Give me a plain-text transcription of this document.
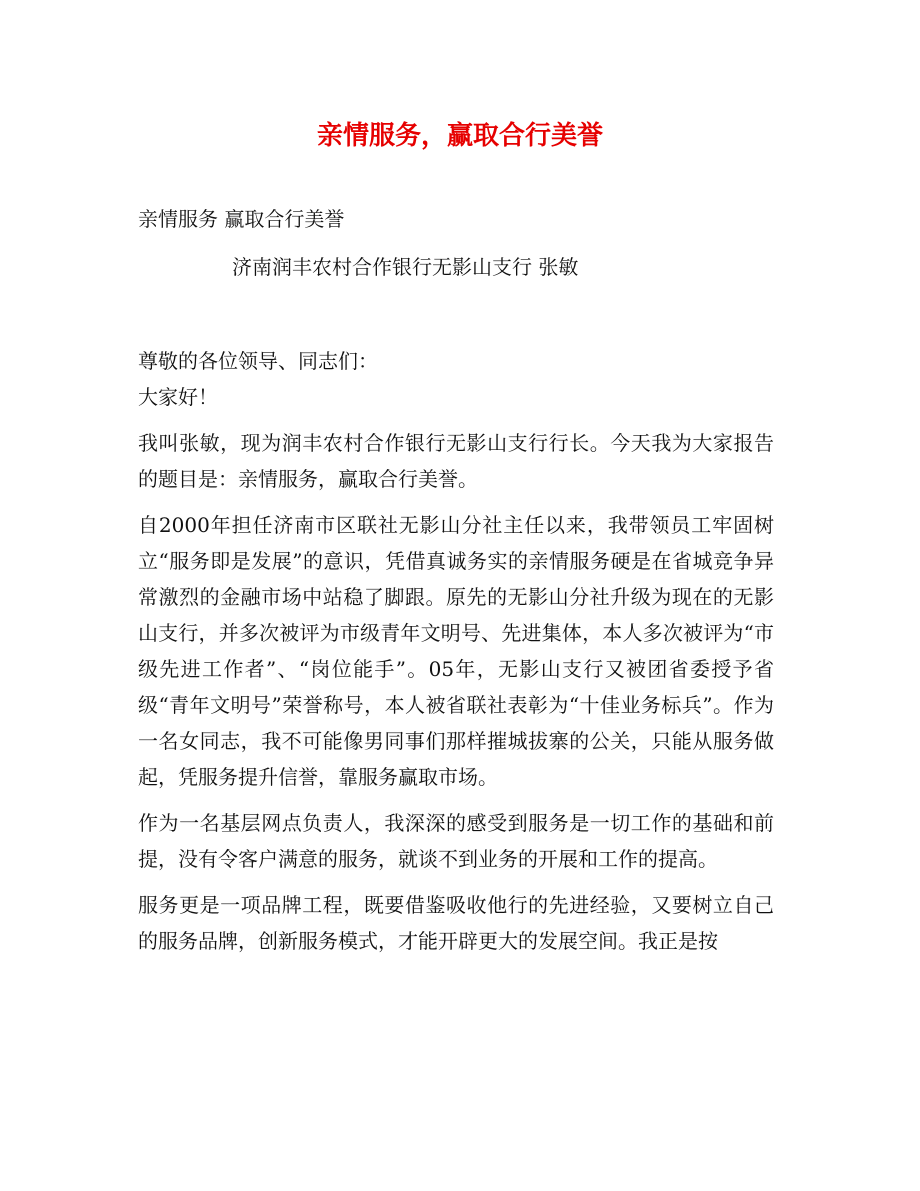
亲情服务，赢取合行美誉

亲情服务 赢取合行美誉

济南润丰农村合作银行无影山支行 张敏

尊敬的各位领导、同志们：

大家好！

我叫张敏，现为润丰农村合作银行无影山支行行长。今天我为大家报告的题目是：亲情服务，赢取合行美誉。

自2000年担任济南市区联社无影山分社主任以来，我带领员工牢固树立“服务即是发展”的意识，凭借真诚务实的亲情服务硬是在省城竞争异常激烈的金融市场中站稳了脚跟。原先的无影山分社升级为现在的无影山支行，并多次被评为市级青年文明号、先进集体，本人多次被评为“市级先进工作者”、“岗位能手”。05年，无影山支行又被团省委授予省级“青年文明号”荣誉称号，本人被省联社表彰为“十佳业务标兵”。作为一名女同志，我不可能像男同事们那样摧城拔寨的公关，只能从服务做起，凭服务提升信誉，靠服务赢取市场。

作为一名基层网点负责人，我深深的感受到服务是一切工作的基础和前提，没有令客户满意的服务，就谈不到业务的开展和工作的提高。

服务更是一项品牌工程，既要借鉴吸收他行的先进经验，又要树立自己的服务品牌，创新服务模式，才能开辟更大的发展空间。我正是按
